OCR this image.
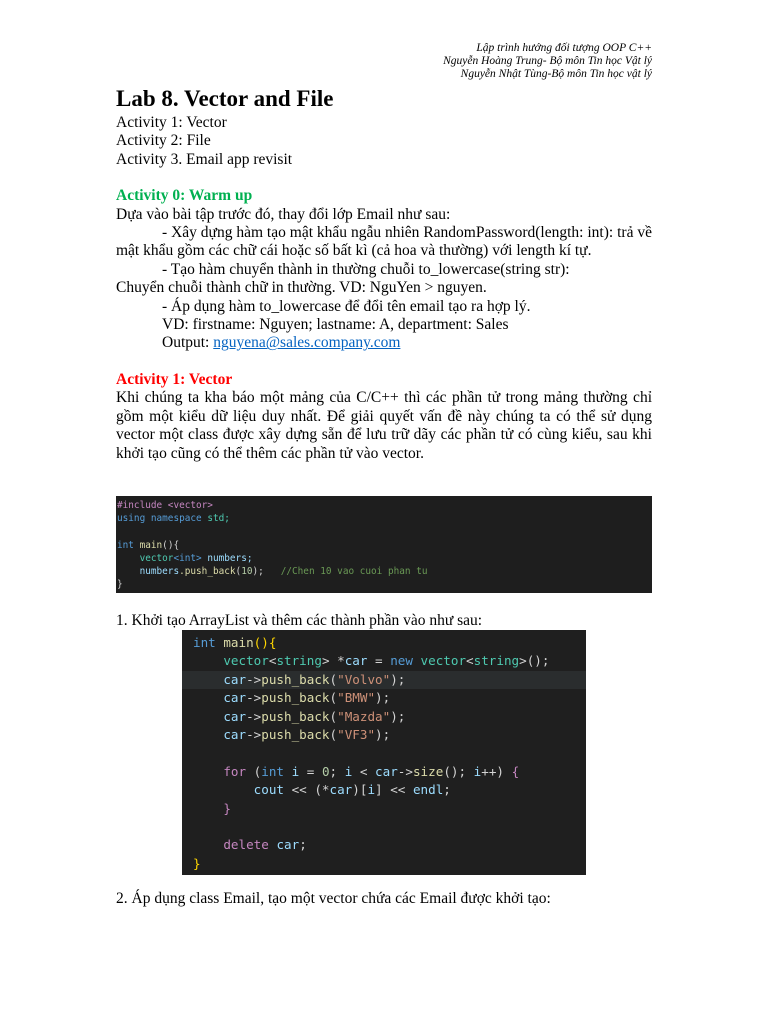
Lập trình hướng đối tượng OOP C++
Nguyễn Hoàng Trung- Bộ môn Tin học Vật lý
Nguyễn Nhật Tùng-Bộ môn Tin học vật lý
Lab 8. Vector and File

Activity 1: Vector

Activity 2: File

Activity 3. Email app revisit

Activity 0: Warm up

Dựa vào bài tập trước đó, thay đổi lớp Email như sau:

- Xây dựng hàm tạo mật khẩu ngẫu nhiên RandomPassword(length: int): trả về mật khẩu gồm các chữ cái hoặc số bất kì (cả hoa và thường) với length kí tự.

- Tạo hàm chuyển thành in thường chuỗi to_lowercase(string str):

Chuyển chuỗi thành chữ in thường. VD: NguYen > nguyen.

- Áp dụng hàm to_lowercase để đổi tên email tạo ra hợp lý.

VD: firstname: Nguyen; lastname: A, department: Sales

Output: nguyena@sales.company.com

Activity 1: Vector

Khi chúng ta kha báo một mảng của C/C++ thì các phần tử trong mảng thường chỉ gồm một kiểu dữ liệu duy nhất. Để giải quyết vấn đề này chúng ta có thể sử dụng vector một class được xây dựng sẵn để lưu trữ dãy các phần tử có cùng kiểu, sau khi khởi tạo cũng có thể thêm các phần tử vào vector.

#include <vector>
using namespace std;

int main(){
vector<int> numbers;
numbers.push_back(10);   //Chen 10 vao cuoi phan tu
}

1. Khởi tạo ArrayList và thêm các thành phần vào như sau:

int main(){
vector<string> *car = new vector<string>();
car->push_back("Volvo");
car->push_back("BMW");
car->push_back("Mazda");
car->push_back("VF3");

for (int i = 0; i < car->size(); i++) {
cout << (*car)[i] << endl;
}

delete car;
}

2. Áp dụng class Email, tạo một vector chứa các Email được khởi tạo:
